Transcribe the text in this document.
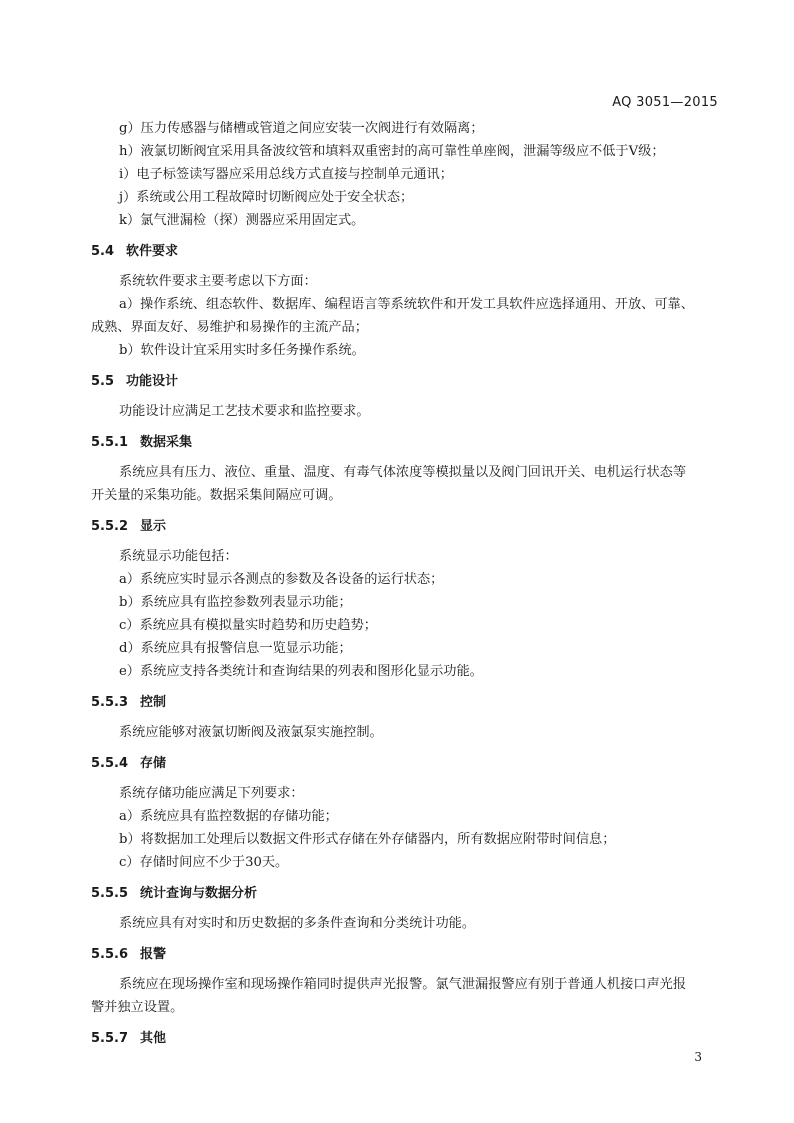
AQ 3051—2015
g）压力传感器与储槽或管道之间应安装一次阀进行有效隔离；
h）液氯切断阀宜采用具备波纹管和填料双重密封的高可靠性单座阀，泄漏等级应不低于Ⅴ级；
i）电子标签读写器应采用总线方式直接与控制单元通讯；
j）系统或公用工程故障时切断阀应处于安全状态；
k）氯气泄漏检（探）测器应采用固定式。
5.4 软件要求
系统软件要求主要考虑以下方面：
a）操作系统、组态软件、数据库、编程语言等系统软件和开发工具软件应选择通用、开放、可靠、
成熟、界面友好、易维护和易操作的主流产品；
b）软件设计宜采用实时多任务操作系统。
5.5 功能设计
功能设计应满足工艺技术要求和监控要求。
5.5.1 数据采集
系统应具有压力、液位、重量、温度、有毒气体浓度等模拟量以及阀门回讯开关、电机运行状态等
开关量的采集功能。数据采集间隔应可调。
5.5.2 显示
系统显示功能包括：
a）系统应实时显示各测点的参数及各设备的运行状态；
b）系统应具有监控参数列表显示功能；
c）系统应具有模拟量实时趋势和历史趋势；
d）系统应具有报警信息一览显示功能；
e）系统应支持各类统计和查询结果的列表和图形化显示功能。
5.5.3 控制
系统应能够对液氯切断阀及液氯泵实施控制。
5.5.4 存储
系统存储功能应满足下列要求：
a）系统应具有监控数据的存储功能；
b）将数据加工处理后以数据文件形式存储在外存储器内，所有数据应附带时间信息；
c）存储时间应不少于30天。
5.5.5 统计查询与数据分析
系统应具有对实时和历史数据的多条件查询和分类统计功能。
5.5.6 报警
系统应在现场操作室和现场操作箱同时提供声光报警。氯气泄漏报警应有别于普通人机接口声光报
警并独立设置。
5.5.7 其他
3
